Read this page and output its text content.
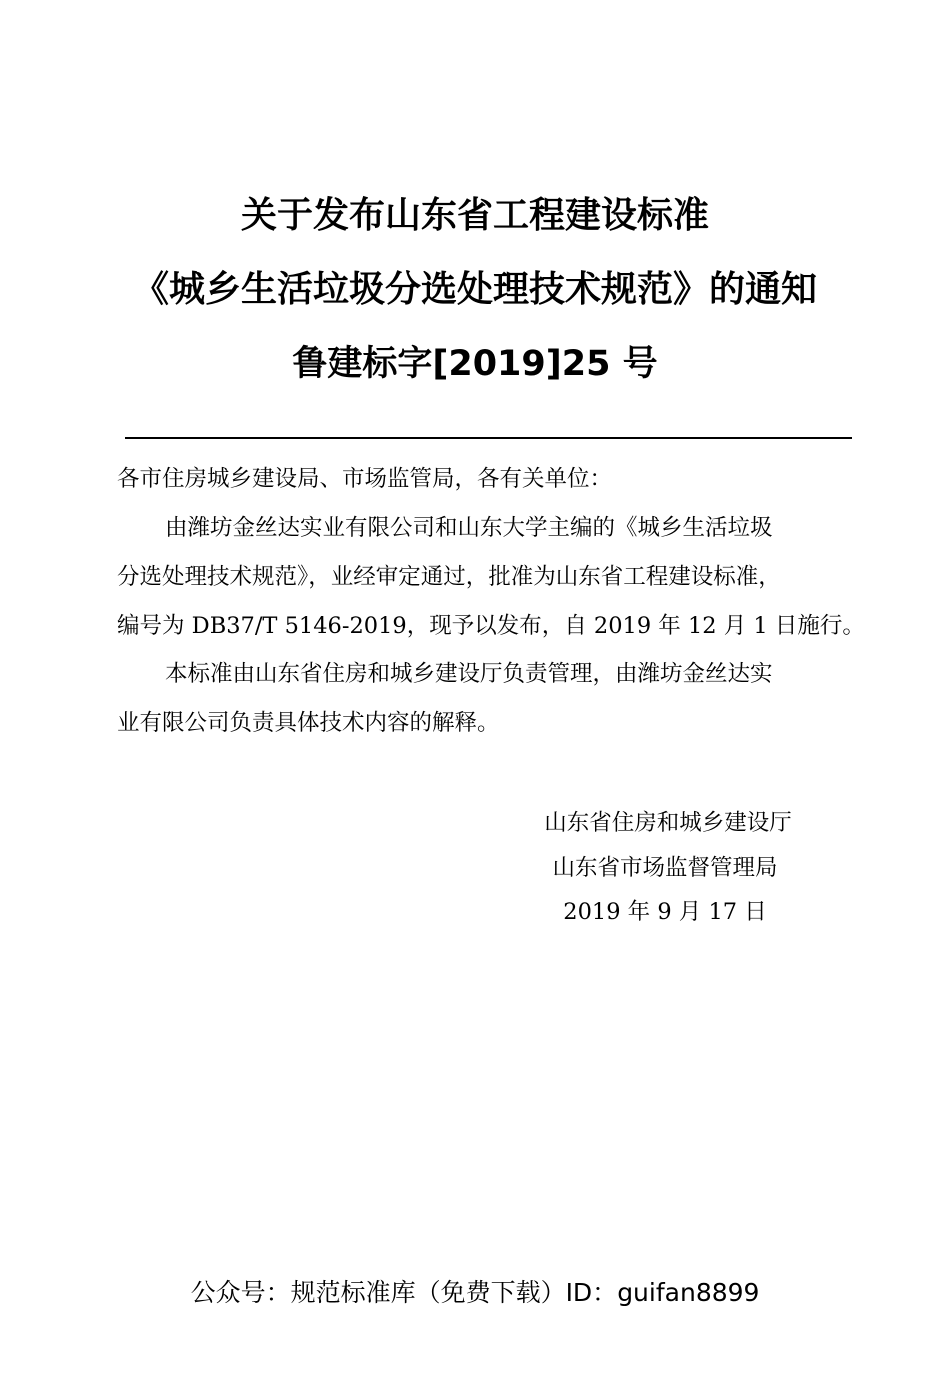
关于发布山东省工程建设标准
《城乡生活垃圾分选处理技术规范》的通知
鲁建标字[2019]25 号
各市住房城乡建设局、市场监管局，各有关单位：
由潍坊金丝达实业有限公司和山东大学主编的《城乡生活垃圾
分选处理技术规范》，业经审定通过，批准为山东省工程建设标准，
编号为 DB37/T 5146-2019，现予以发布，自 2019 年 12 月 1 日施行。
本标准由山东省住房和城乡建设厅负责管理，由潍坊金丝达实
业有限公司负责具体技术内容的解释。
山东省住房和城乡建设厅
山东省市场监督管理局
2019 年 9 月 17 日
公众号：规范标准库（免费下载）ID：guifan8899
